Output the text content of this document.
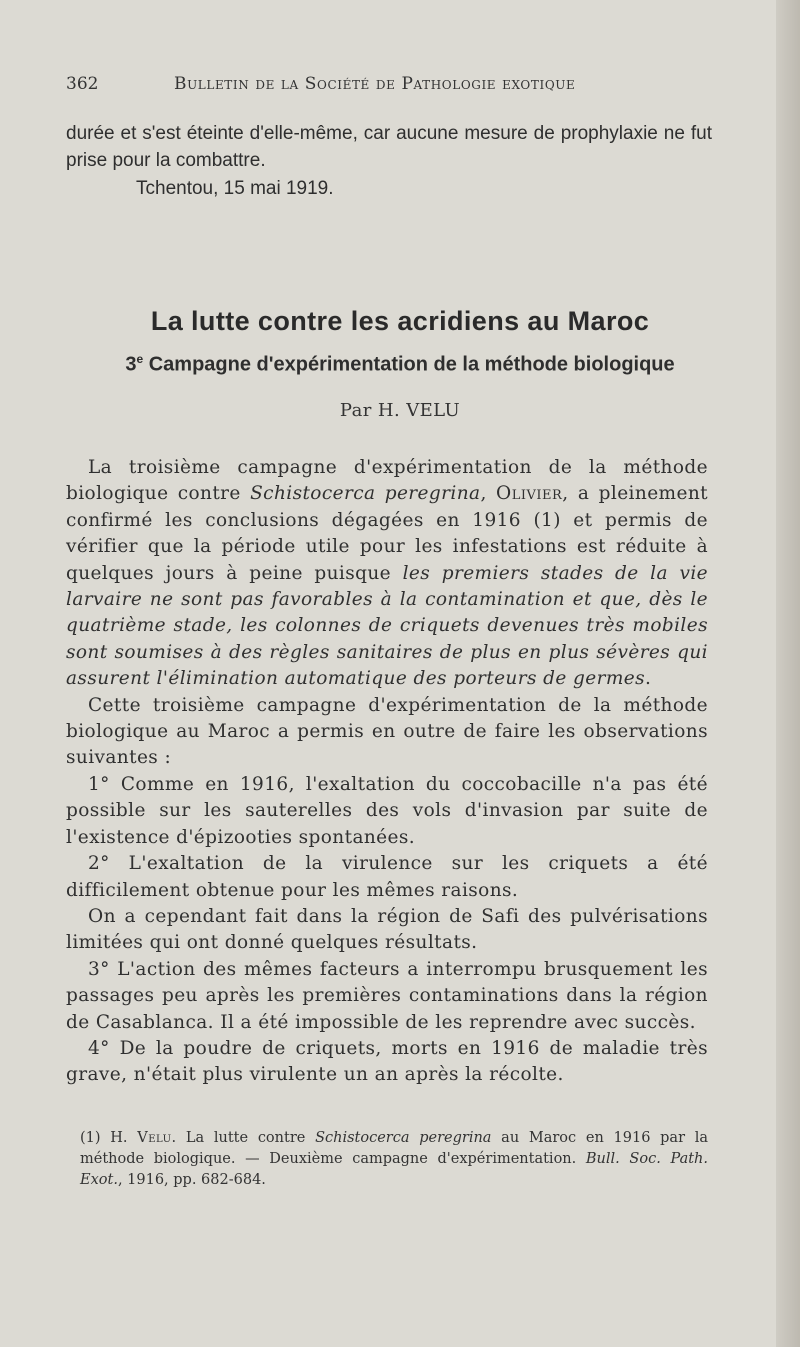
362	Bulletin de la Société de Pathologie exotique

durée et s'est éteinte d'elle-même, car aucune mesure de prophylaxie ne fut prise pour la combattre.

Tchentou, 15 mai 1919.

La lutte contre les acridiens au Maroc
3e Campagne d'expérimentation de la méthode biologique
Par H. VELU

La troisième campagne d'expérimentation de la méthode biologique contre Schistocerca peregrina, Olivier, a pleinement confirmé les conclusions dégagées en 1916 (1) et permis de vérifier que la période utile pour les infestations est réduite à quelques jours à peine puisque les premiers stades de la vie larvaire ne sont pas favorables à la contamination et que, dès le quatrième stade, les colonnes de criquets devenues très mobiles sont soumises à des règles sanitaires de plus en plus sévères qui assurent l'élimination automatique des porteurs de germes.

Cette troisième campagne d'expérimentation de la méthode biologique au Maroc a permis en outre de faire les observations suivantes :

1° Comme en 1916, l'exaltation du coccobacille n'a pas été possible sur les sauterelles des vols d'invasion par suite de l'existence d'épizooties spontanées.

2° L'exaltation de la virulence sur les criquets a été difficilement obtenue pour les mêmes raisons.

On a cependant fait dans la région de Safi des pulvérisations limitées qui ont donné quelques résultats.

3° L'action des mêmes facteurs a interrompu brusquement les passages peu après les premières contaminations dans la région de Casablanca. Il a été impossible de les reprendre avec succès.

4° De la poudre de criquets, morts en 1916 de maladie très grave, n'était plus virulente un an après la récolte.

(1) H. Velu. La lutte contre Schistocerca peregrina au Maroc en 1916 par la méthode biologique. — Deuxième campagne d'expérimentation. Bull. Soc. Path. Exot., 1916, pp. 682-684.
